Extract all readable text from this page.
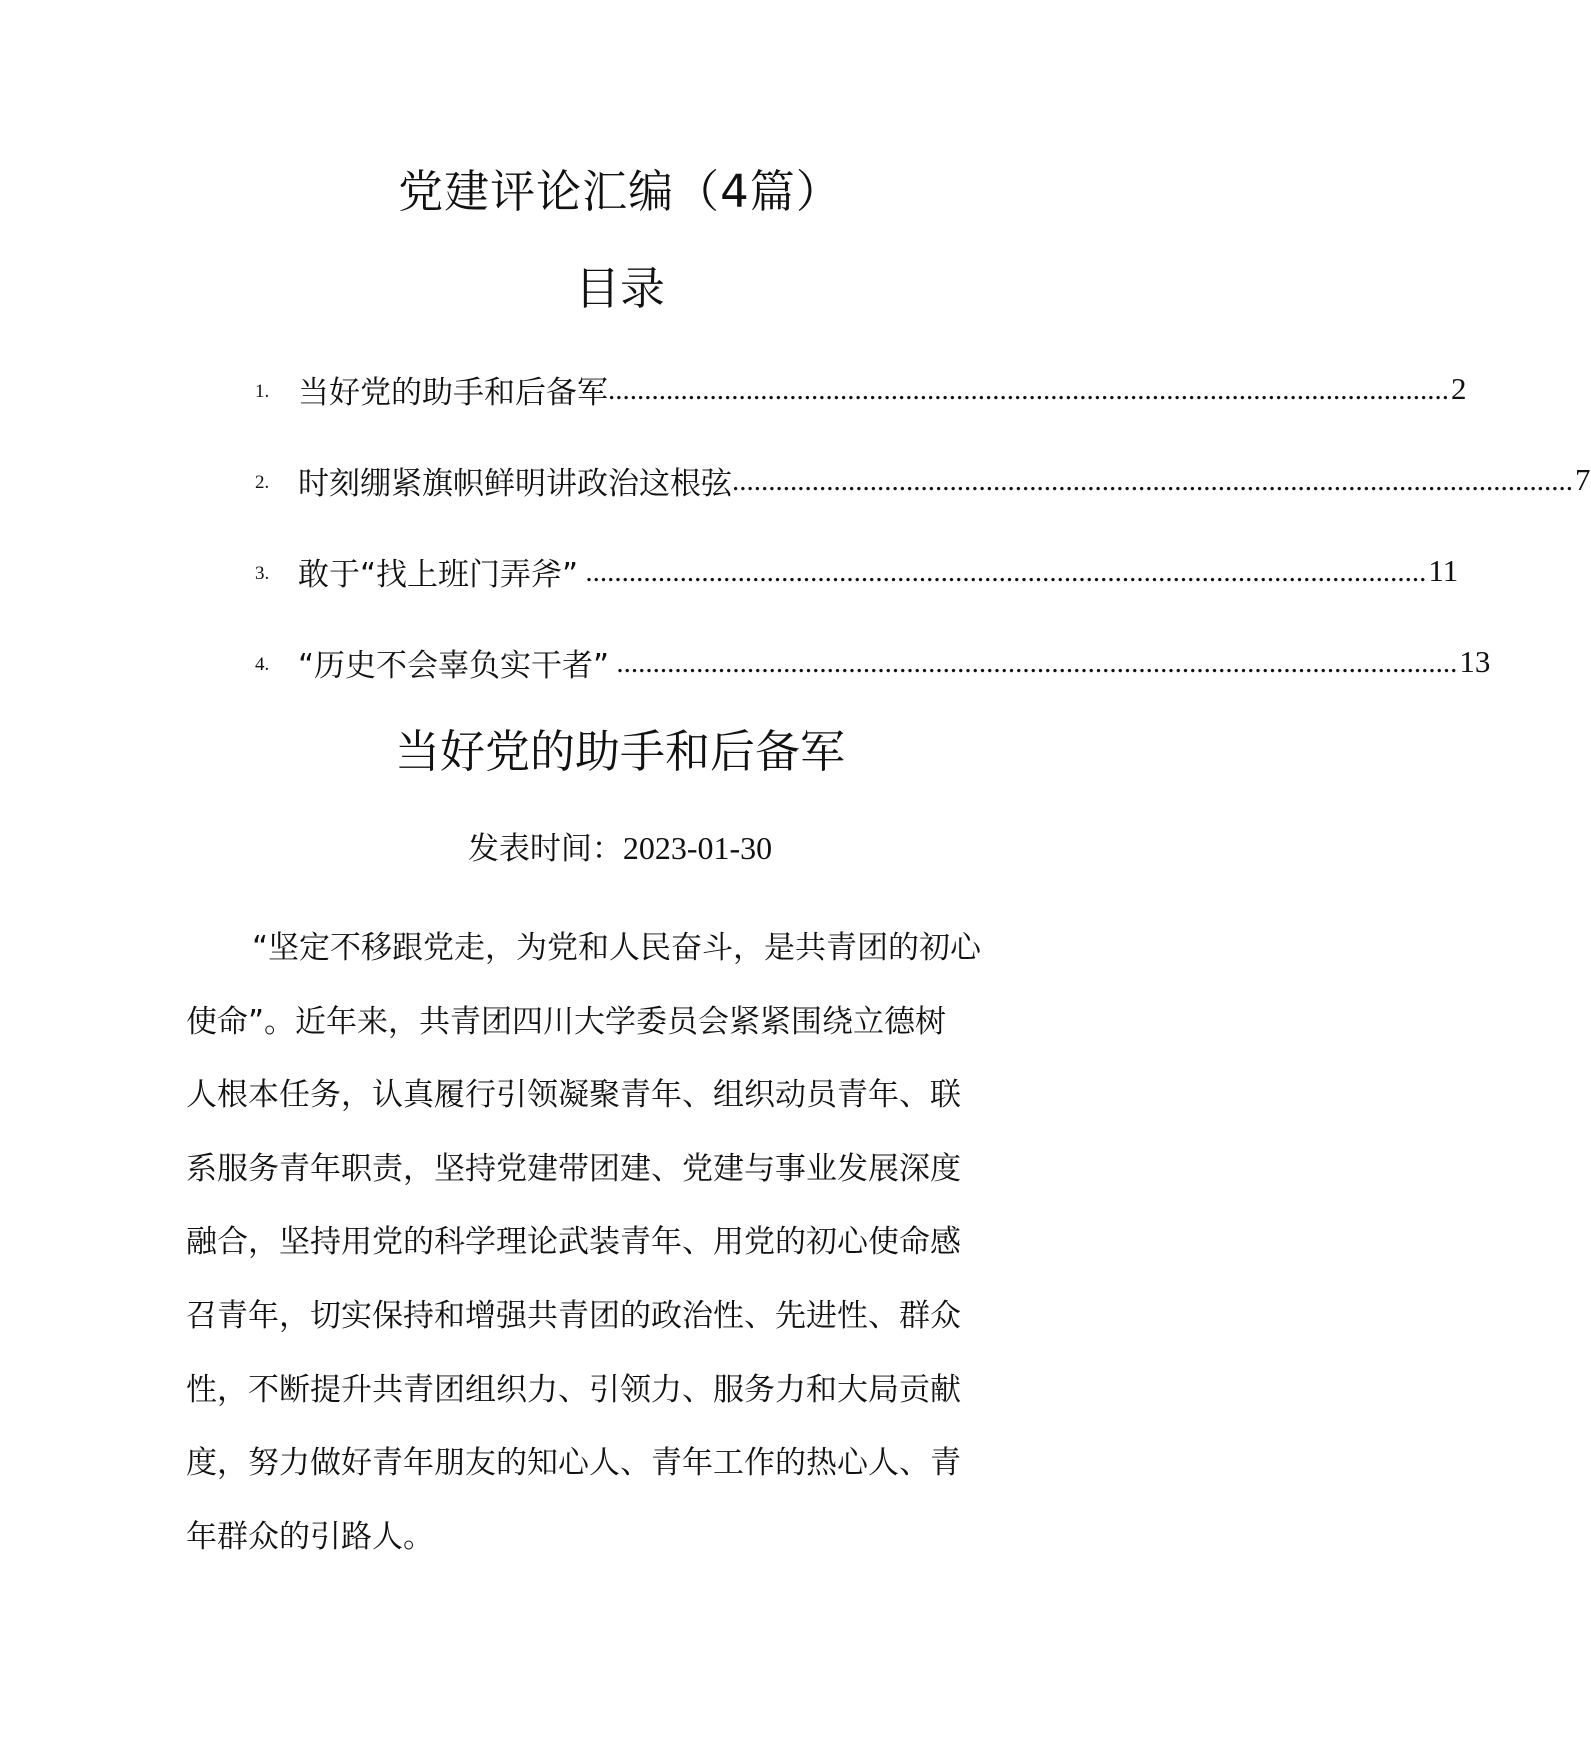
党建评论汇编（4篇）
目录
1. 当好党的助手和后备军 .................................................................................................................... 2
2. 时刻绷紧旗帜鲜明讲政治这根弦 .................................................................................................................... 7
3. 敢于“找上班门弄斧” .................................................................................................................... 11
4. “历史不会辜负实干者” .................................................................................................................... 13
当好党的助手和后备军
发表时间：2023-01-30
“坚定不移跟党走，为党和人民奋斗，是共青团的初心
使命”。近年来，共青团四川大学委员会紧紧围绕立德树
人根本任务，认真履行引领凝聚青年、组织动员青年、联
系服务青年职责，坚持党建带团建、党建与事业发展深度
融合，坚持用党的科学理论武装青年、用党的初心使命感
召青年，切实保持和增强共青团的政治性、先进性、群众
性，不断提升共青团组织力、引领力、服务力和大局贡献
度，努力做好青年朋友的知心人、青年工作的热心人、青
年群众的引路人。
